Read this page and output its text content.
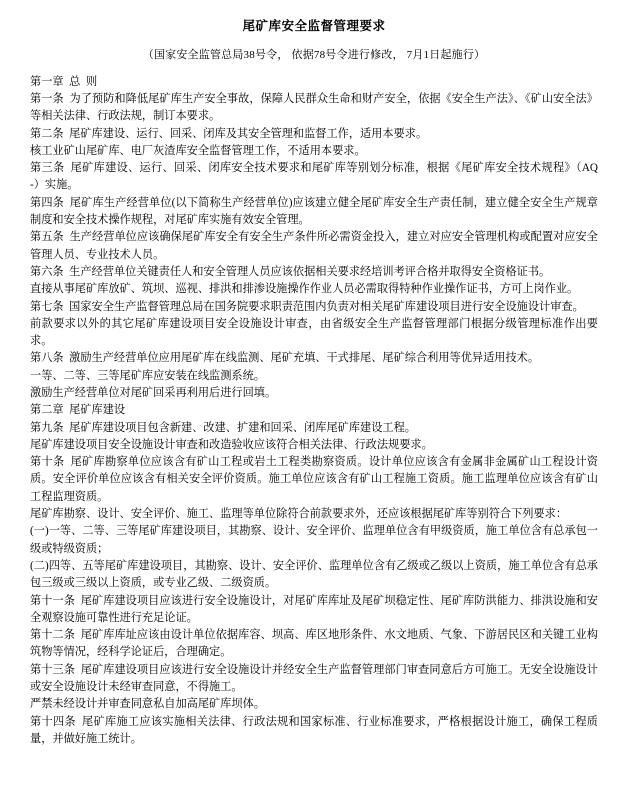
尾矿库安全监督管理要求
（国家安全监管总局38号令， 依据78号令进行修改， 7月1日起施行）

第一章  总  则

第一条  为了预防和降低尾矿库生产安全事故，保障人民群众生命和财产安全，依据《安全生产法》、《矿山安全法》等相关法律、行政法规，制订本要求。

第二条  尾矿库建设、运行、回采、闭库及其安全管理和监督工作，适用本要求。

核工业矿山尾矿库、电厂灰渣库安全监督管理工作，不适用本要求。

第三条  尾矿库建设、运行、回采、闭库安全技术要求和尾矿库等别划分标准，根据《尾矿库安全技术规程》（AQ  -）实施。

第四条  尾矿库生产经营单位(以下简称生产经营单位)应该建立健全尾矿库安全生产责任制，建立健全安全生产规章制度和安全技术操作规程，对尾矿库实施有效安全管理。

第五条  生产经营单位应该确保尾矿库安全有安全生产条件所必需资金投入，建立对应安全管理机构或配置对应安全管理人员、专业技术人员。

第六条  生产经营单位关键责任人和安全管理人员应该依据相关要求经培训考评合格并取得安全资格证书。

直接从事尾矿库放矿、筑坝、巡视、排洪和排渗设施操作作业人员必需取得特种作业操作证书，方可上岗作业。

第七条  国家安全生产监督管理总局在国务院要求职责范围内负责对相关尾矿库建设项目进行安全设施设计审查。

前款要求以外的其它尾矿库建设项目安全设施设计审查，由省级安全生产监督管理部门根据分级管理标准作出要求。

第八条  激励生产经营单位应用尾矿库在线监测、尾矿充填、干式排尾、尾矿综合利用等优异适用技术。

一等、二等、三等尾矿库应安装在线监测系统。

激励生产经营单位对尾矿回采再利用后进行回填。

第二章  尾矿库建设

第九条  尾矿库建设项目包含新建、改建、扩建和回采、闭库尾矿库建设工程。

尾矿库建设项目安全设施设计审查和改造验收应该符合相关法律、行政法规要求。

第十条  尾矿库勘察单位应该含有矿山工程或岩土工程类勘察资质。设计单位应该含有金属非金属矿山工程设计资质。安全评价单位应该含有相关安全评价资质。施工单位应该含有矿山工程施工资质。施工监理单位应该含有矿山工程监理资质。

尾矿库勘察、设计、安全评价、施工、监理等单位除符合前款要求外，还应该根据尾矿库等别符合下列要求：

(一)一等、二等、三等尾矿库建设项目，其勘察、设计、安全评价、监理单位含有甲级资质，施工单位含有总承包一级或特级资质；

(二)四等、五等尾矿库建设项目，其勘察、设计、安全评价、监理单位含有乙级或乙级以上资质，施工单位含有总承包三级或三级以上资质，或专业乙级、二级资质。

第十一条  尾矿库建设项目应该进行安全设施设计，对尾矿库库址及尾矿坝稳定性、尾矿库防洪能力、排洪设施和安全观察设施可靠性进行充足论证。

第十二条  尾矿库库址应该由设计单位依据库容、坝高、库区地形条件、水文地质、气象、下游居民区和关键工业构筑物等情况，经科学论证后，合理确定。

第十三条  尾矿库建设项目应该进行安全设施设计并经安全生产监督管理部门审查同意后方可施工。无安全设施设计或安全设施设计未经审查同意，不得施工。

严禁未经设计并审查同意私自加高尾矿库坝体。

第十四条  尾矿库施工应该实施相关法律、行政法规和国家标准、行业标准要求，严格根据设计施工，确保工程质量，并做好施工统计。
